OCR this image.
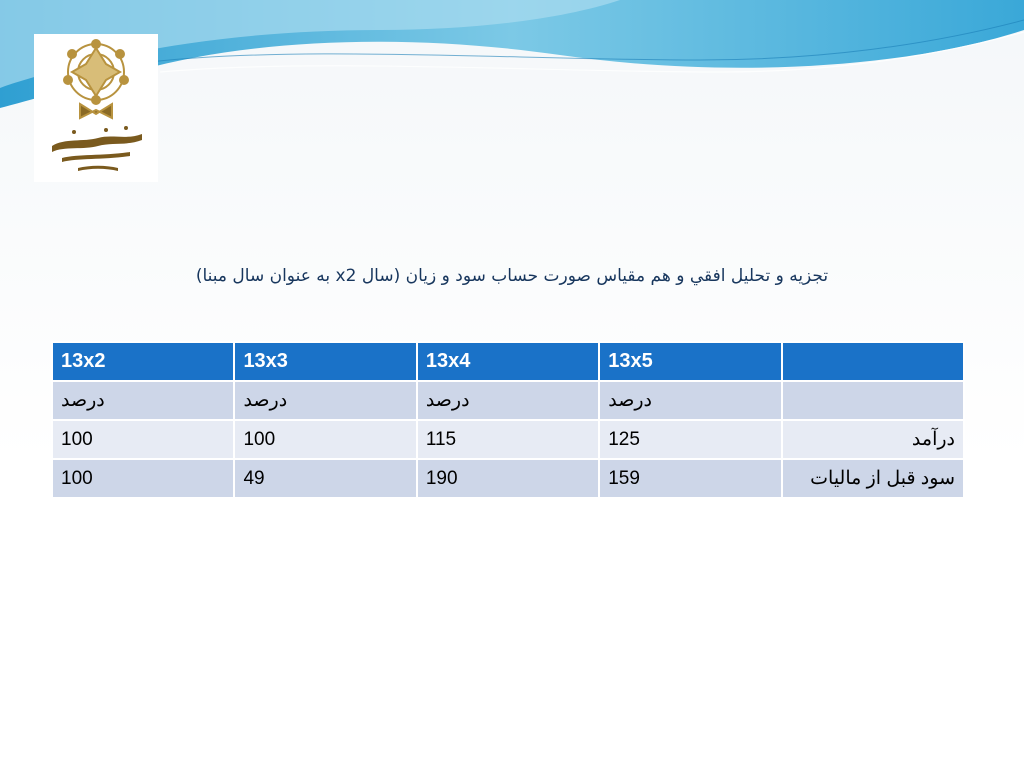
تجزیه و تحلیل افقي و هم مقیاس صورت حساب سود و زیان (سال x2 به عنوان سال مبنا)
	13x5	13x4	13x3	13x2
	درصد	درصد	درصد	درصد
درآمد	125	115	100	100
سود قبل از مالیات	159	190	49	100
